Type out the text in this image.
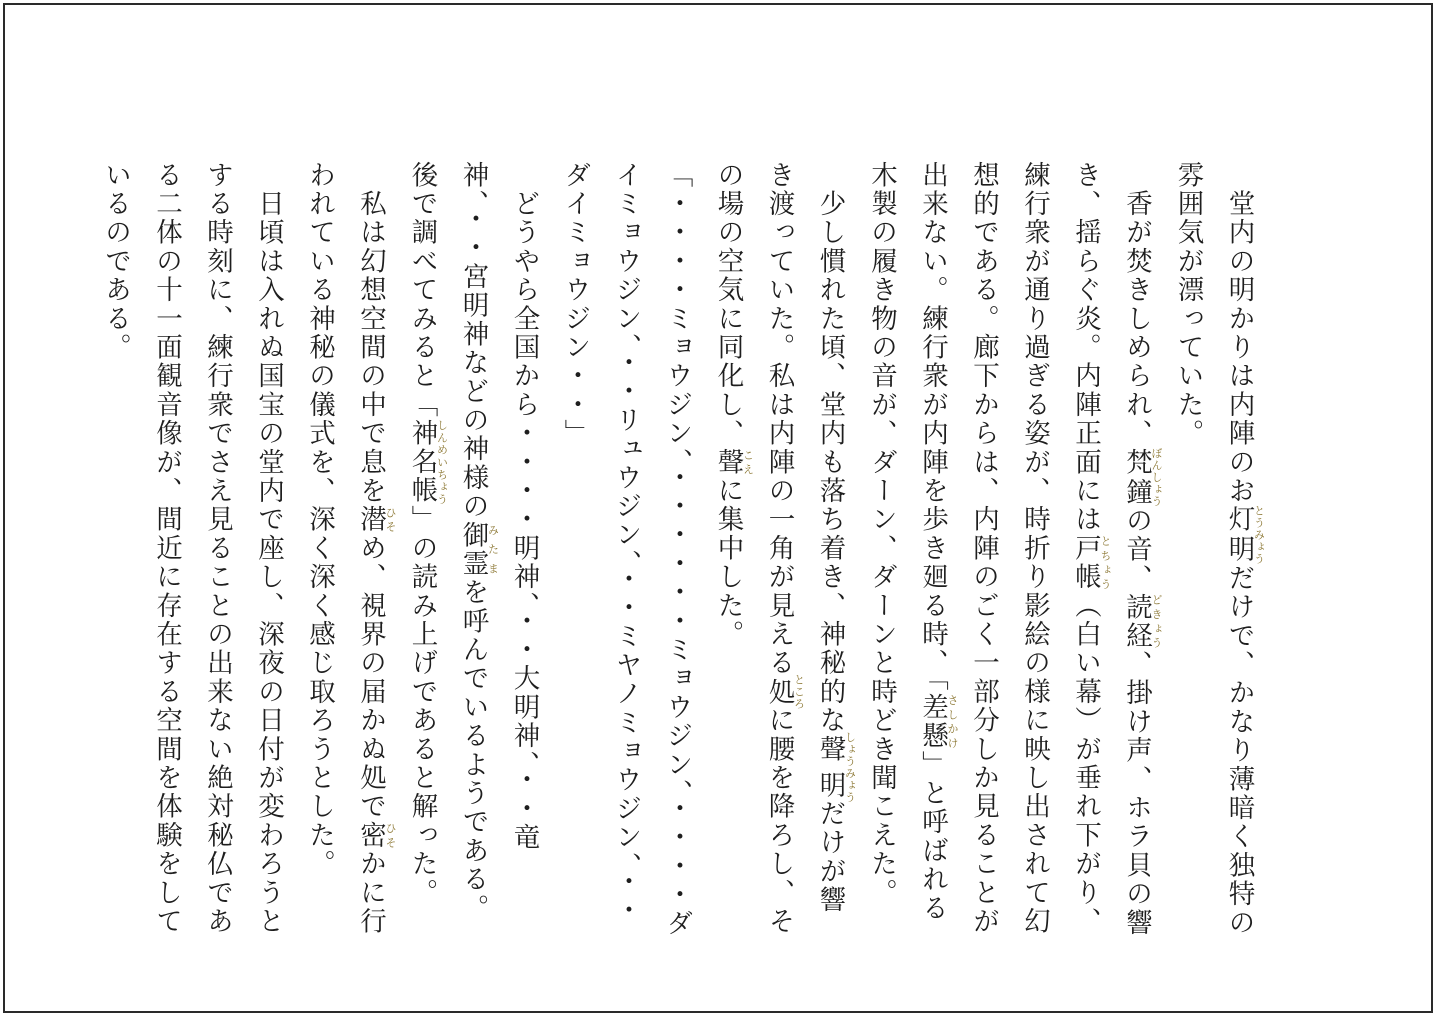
　堂内の明かりは内陣のお灯明とうみょうだけで、かなり薄暗く独特の雰囲気が漂っていた。

　香が焚きしめられ、梵鐘ぼんしょうの音、読経どきょう、掛け声、ホラ貝の響き、揺らぐ炎。内陣正面には戸帳とちょう（白い幕）が垂れ下がり、練行衆が通り過ぎる姿が、時折り影絵の様に映し出されて幻想的である。廊下からは、内陣のごく一部分しか見ることが出来ない。練行衆が内陣を歩き廻る時、「差懸さしかけ」と呼ばれる木製の履き物の音が、ダーン、ダーンと時どき聞こえた。

　少し慣れた頃、堂内も落ち着き、神秘的な聲明しょうみょうだけが響き渡っていた。私は内陣の一角が見える処ところに腰を降ろし、その場の空気に同化し、聲こえに集中した。

「・・・・ミョウジン、・・・・・・ミョウジン、・・・・ダイミョウジン、・・リュウジン、・・ミヤノミョウジン、・・ダイミョウジン・・」

　どうやら全国から・・・・明神、・・大明神、・・竜神、・・宮明神などの神様の御霊みたまを呼んでいるようである。後で調べてみると「神名帳しんめいちょう」の読み上げであると解った。

　私は幻想空間の中で息を潜ひそめ、視界の届かぬ処で密ひそかに行われている神秘の儀式を、深く深く感じ取ろうとした。

　日頃は入れぬ国宝の堂内で座し、深夜の日付が変わろうとする時刻に、練行衆でさえ見ることの出来ない絶対秘仏である二体の十一面観音像が、間近に存在する空間を体験をしているのである。
